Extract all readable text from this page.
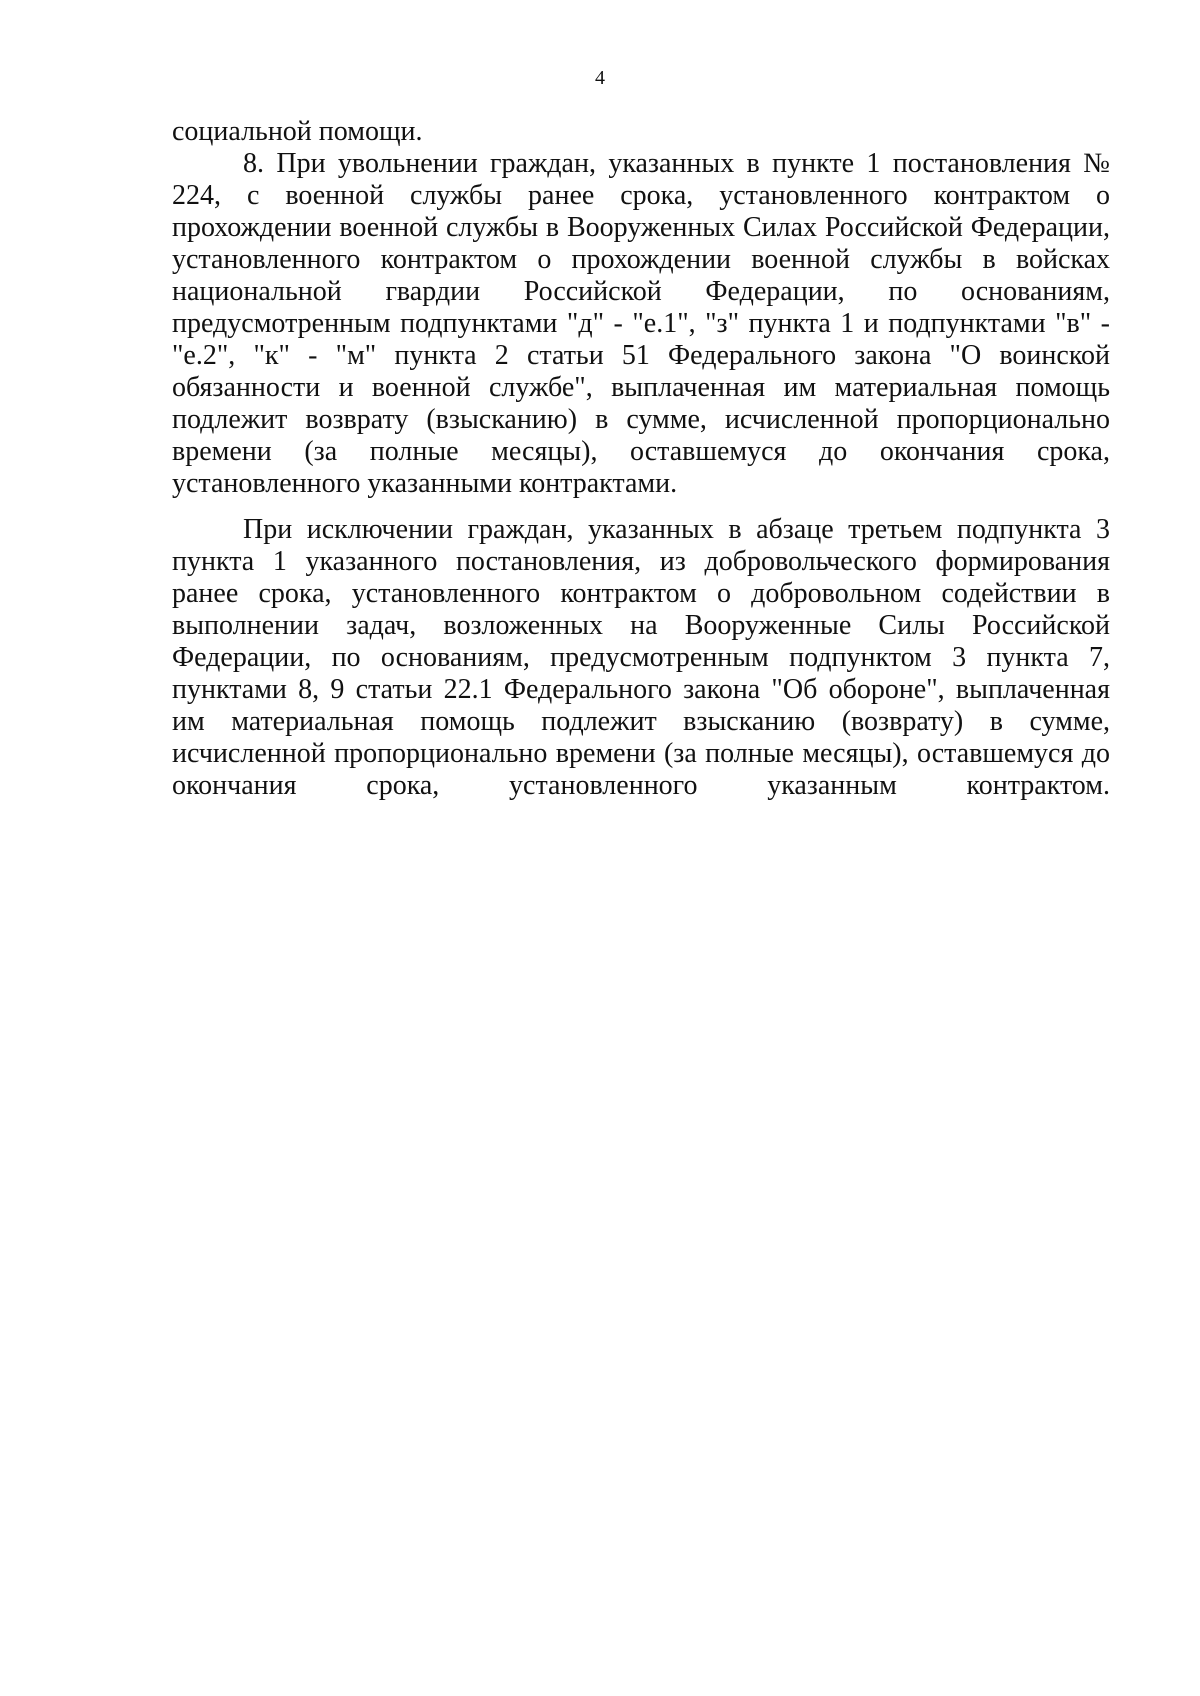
4

социальной помощи.

8. При увольнении граждан, указанных в пункте 1 постановления № 224, с военной службы ранее срока, установленного контрактом о прохождении военной службы в Вооруженных Силах Российской Федерации, установленного контрактом о прохождении военной службы в войсках национальной гвардии Российской Федерации, по основаниям, предусмотренным подпунктами "д" - "е.1", "з" пункта 1 и подпунктами "в" - "е.2", "к" - "м" пункта 2 статьи 51 Федерального закона "О воинской обязанности и военной службе", выплаченная им материальная помощь подлежит возврату (взысканию) в сумме, исчисленной пропорционально времени (за полные месяцы), оставшемуся до окончания срока, установленного указанными контрактами.

При исключении граждан, указанных в абзаце третьем подпункта 3 пункта 1 указанного постановления, из добровольческого формирования ранее срока, установленного контрактом о добровольном содействии в выполнении задач, возложенных на Вооруженные Силы Российской Федерации, по основаниям, предусмотренным подпунктом 3 пункта 7, пунктами 8, 9 статьи 22.1 Федерального закона "Об обороне", выплаченная им материальная помощь подлежит взысканию (возврату) в сумме, исчисленной пропорционально времени (за полные месяцы), оставшемуся до окончания срока, установленного указанным контрактом.
